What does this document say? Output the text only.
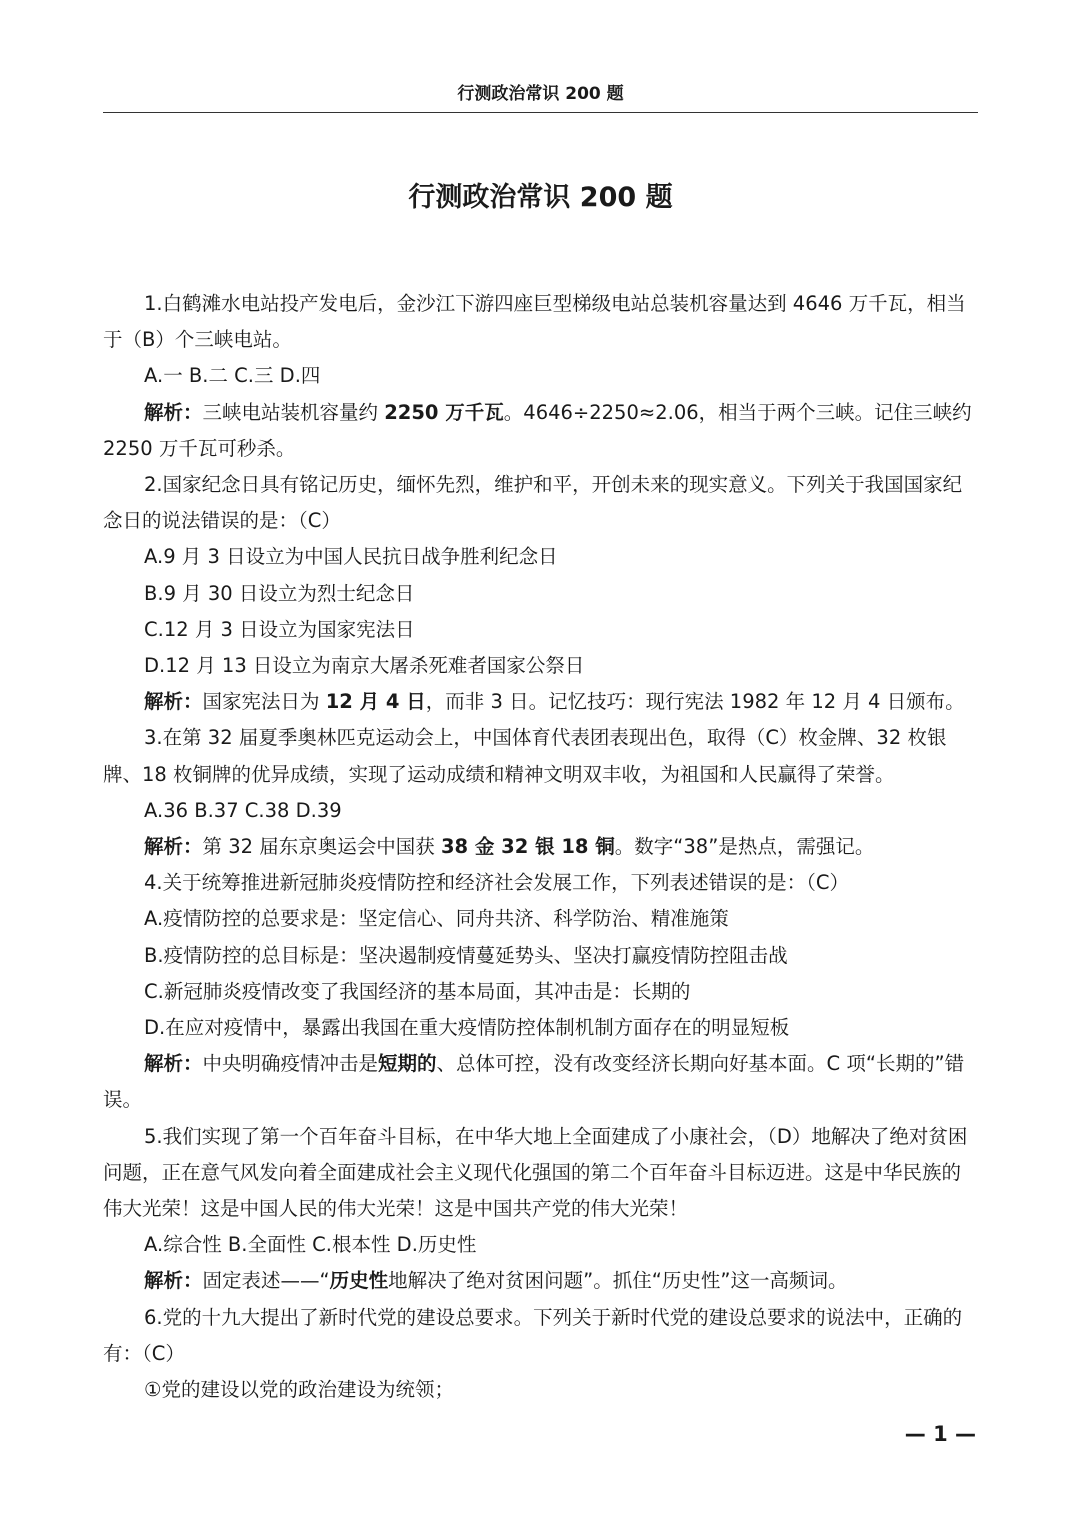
行测政治常识 200 题
行测政治常识 200 题

1.白鹤滩水电站投产发电后，金沙江下游四座巨型梯级电站总装机容量达到 4646 万千瓦，相当于（B）个三峡电站。

A.一 B.二 C.三 D.四

解析：三峡电站装机容量约 2250 万千瓦。4646÷2250≈2.06，相当于两个三峡。记住三峡约 2250 万千瓦可秒杀。

2.国家纪念日具有铭记历史，缅怀先烈，维护和平，开创未来的现实意义。下列关于我国国家纪念日的说法错误的是：（C）

A.9 月 3 日设立为中国人民抗日战争胜利纪念日

B.9 月 30 日设立为烈士纪念日

C.12 月 3 日设立为国家宪法日

D.12 月 13 日设立为南京大屠杀死难者国家公祭日

解析：国家宪法日为 12 月 4 日，而非 3 日。记忆技巧：现行宪法 1982 年 12 月 4 日颁布。

3.在第 32 届夏季奥林匹克运动会上，中国体育代表团表现出色，取得（C）枚金牌、32 枚银牌、18 枚铜牌的优异成绩，实现了运动成绩和精神文明双丰收，为祖国和人民赢得了荣誉。

A.36 B.37 C.38 D.39

解析：第 32 届东京奥运会中国获 38 金 32 银 18 铜。数字“38”是热点，需强记。

4.关于统筹推进新冠肺炎疫情防控和经济社会发展工作，下列表述错误的是：（C）

A.疫情防控的总要求是：坚定信心、同舟共济、科学防治、精准施策

B.疫情防控的总目标是：坚决遏制疫情蔓延势头、坚决打赢疫情防控阻击战

C.新冠肺炎疫情改变了我国经济的基本局面，其冲击是：长期的

D.在应对疫情中，暴露出我国在重大疫情防控体制机制方面存在的明显短板

解析：中央明确疫情冲击是短期的、总体可控，没有改变经济长期向好基本面。C 项“长期的”错误。

5.我们实现了第一个百年奋斗目标，在中华大地上全面建成了小康社会，（D）地解决了绝对贫困问题，正在意气风发向着全面建成社会主义现代化强国的第二个百年奋斗目标迈进。这是中华民族的伟大光荣！这是中国人民的伟大光荣！这是中国共产党的伟大光荣！

A.综合性 B.全面性 C.根本性 D.历史性

解析：固定表述——“历史性地解决了绝对贫困问题”。抓住“历史性”这一高频词。

6.党的十九大提出了新时代党的建设总要求。下列关于新时代党的建设总要求的说法中，正确的有：（C）

①党的建设以党的政治建设为统领；

— 1 —
